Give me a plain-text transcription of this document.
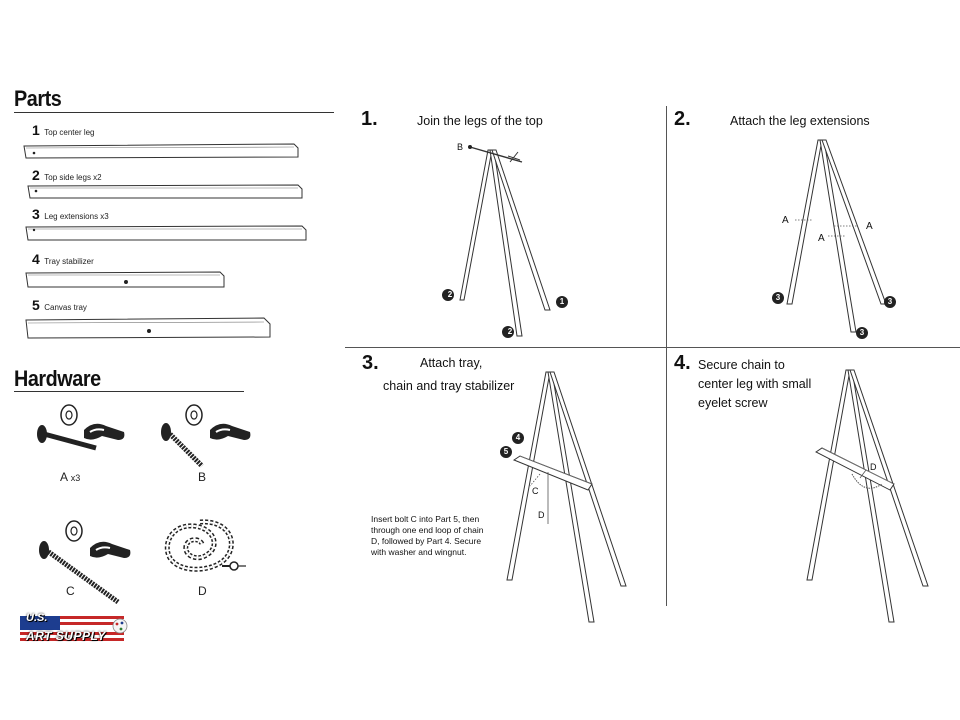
Parts
1 Top center leg
2 Top side legs x2
3 Leg extensions x3
4 Tray stabilizer
5 Canvas tray
Hardware
A x3	B
C	D
U.S.
ART SUPPLY
1.	Join the legs of the top
B
2
2
1
2.	Attach the leg extensions
A
A
A
3
3
3
3.	Attach tray,
chain and tray stabilizer
C
D
4
5
Insert bolt C into Part 5, then through one end loop of chain D, followed by Part 4. Secure with washer and wingnut.
4. Secure chain to
center leg with small
eyelet screw
D
